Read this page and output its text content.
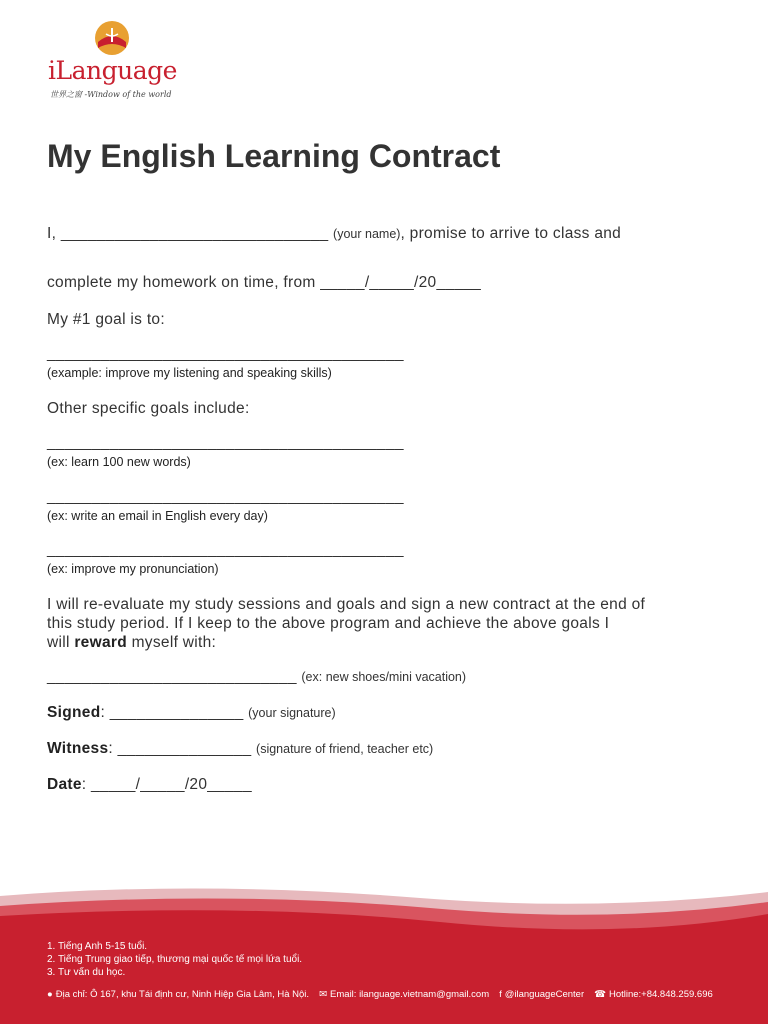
iLanguage
世界之窗 -Window of the world
My English Learning Contract
I, ______________________________ (your name), promise to arrive to class and
complete my homework on time, from _____/_____/20_____
My #1 goal is to:
________________________________________
(example: improve my listening and speaking skills)
Other specific goals include:
________________________________________
(ex: learn 100 new words)
________________________________________
(ex: write an email in English every day)
________________________________________
(ex: improve my pronunciation)
I will re-evaluate my study sessions and goals and sign a new contract at the end of
this study period. If I keep to the above program and achieve the above goals I
will reward myself with:
____________________________ (ex: new shoes/mini vacation)
Signed: _______________ (your signature)
Witness: _______________ (signature of friend, teacher etc)
Date: _____/_____/20_____
1. Tiếng Anh 5-15 tuổi.
2. Tiếng Trung giao tiếp, thương mại quốc tế mọi lứa tuổi.
3. Tư vấn du học.
● Địa chỉ: Ô 167, khu Tái định cư, Ninh Hiệp Gia Lâm, Hà Nội. ✉ Email: ilanguage.vietnam@gmail.com f @ilanguageCenter ☎ Hotline:+84.848.259.696
